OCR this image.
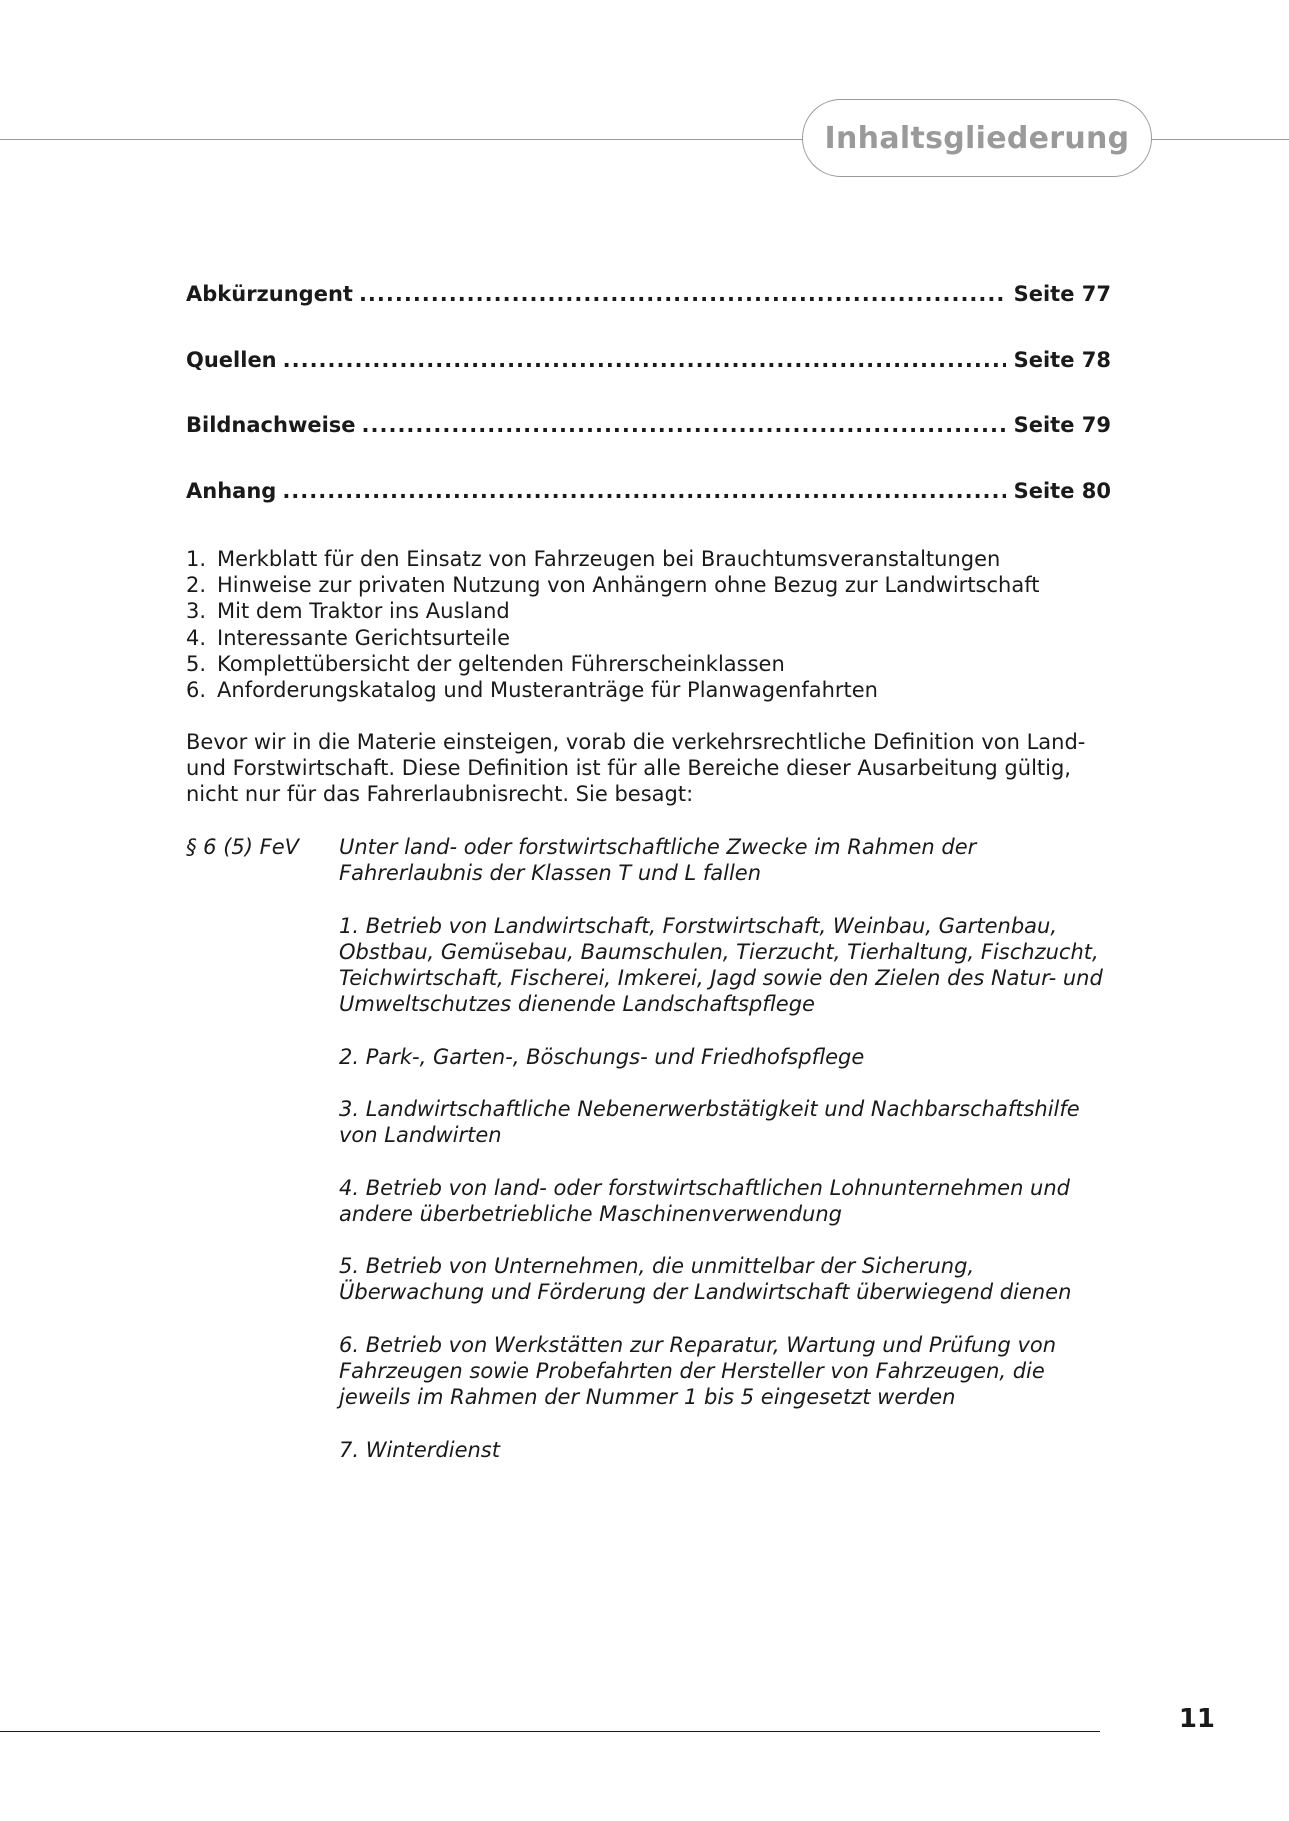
Inhaltsgliederung
Abkürzungent .....	Seite 77
Quellen .....	Seite 78
Bildnachweise .....	Seite 79
Anhang .....	Seite 80
1. Merkblatt für den Einsatz von Fahrzeugen bei Brauchtumsveranstaltungen
2. Hinweise zur privaten Nutzung von Anhängern ohne Bezug zur Landwirtschaft
3. Mit dem Traktor ins Ausland
4. Interessante Gerichtsurteile
5. Komplettübersicht der geltenden Führerscheinklassen
6. Anforderungskatalog und Musteranträge für Planwagenfahrten

Bevor wir in die Materie einsteigen, vorab die verkehrsrechtliche Definition von Land- und Forstwirtschaft. Diese Definition ist für alle Bereiche dieser Ausarbeitung gültig, nicht nur für das Fahrerlaubnisrecht. Sie besagt:

§ 6 (5) FeV Unter land- oder forstwirtschaftliche Zwecke im Rahmen der Fahrerlaubnis der Klassen T und L fallen

1. Betrieb von Landwirtschaft, Forstwirtschaft, Weinbau, Gartenbau, Obstbau, Gemüsebau, Baumschulen, Tierzucht, Tierhaltung, Fischzucht, Teichwirtschaft, Fischerei, Imkerei, Jagd sowie den Zielen des Natur- und Umweltschutzes dienende Landschaftspflege

2. Park-, Garten-, Böschungs- und Friedhofspflege

3. Landwirtschaftliche Nebenerwerbstätigkeit und Nachbarschaftshilfe von Landwirten

4. Betrieb von land- oder forstwirtschaftlichen Lohnunternehmen und andere überbetriebliche Maschinenverwendung

5. Betrieb von Unternehmen, die unmittelbar der Sicherung, Überwachung und Förderung der Landwirtschaft überwiegend dienen

6. Betrieb von Werkstätten zur Reparatur, Wartung und Prüfung von Fahrzeugen sowie Probefahrten der Hersteller von Fahrzeugen, die jeweils im Rahmen der Nummer 1 bis 5 eingesetzt werden

7. Winterdienst

11
